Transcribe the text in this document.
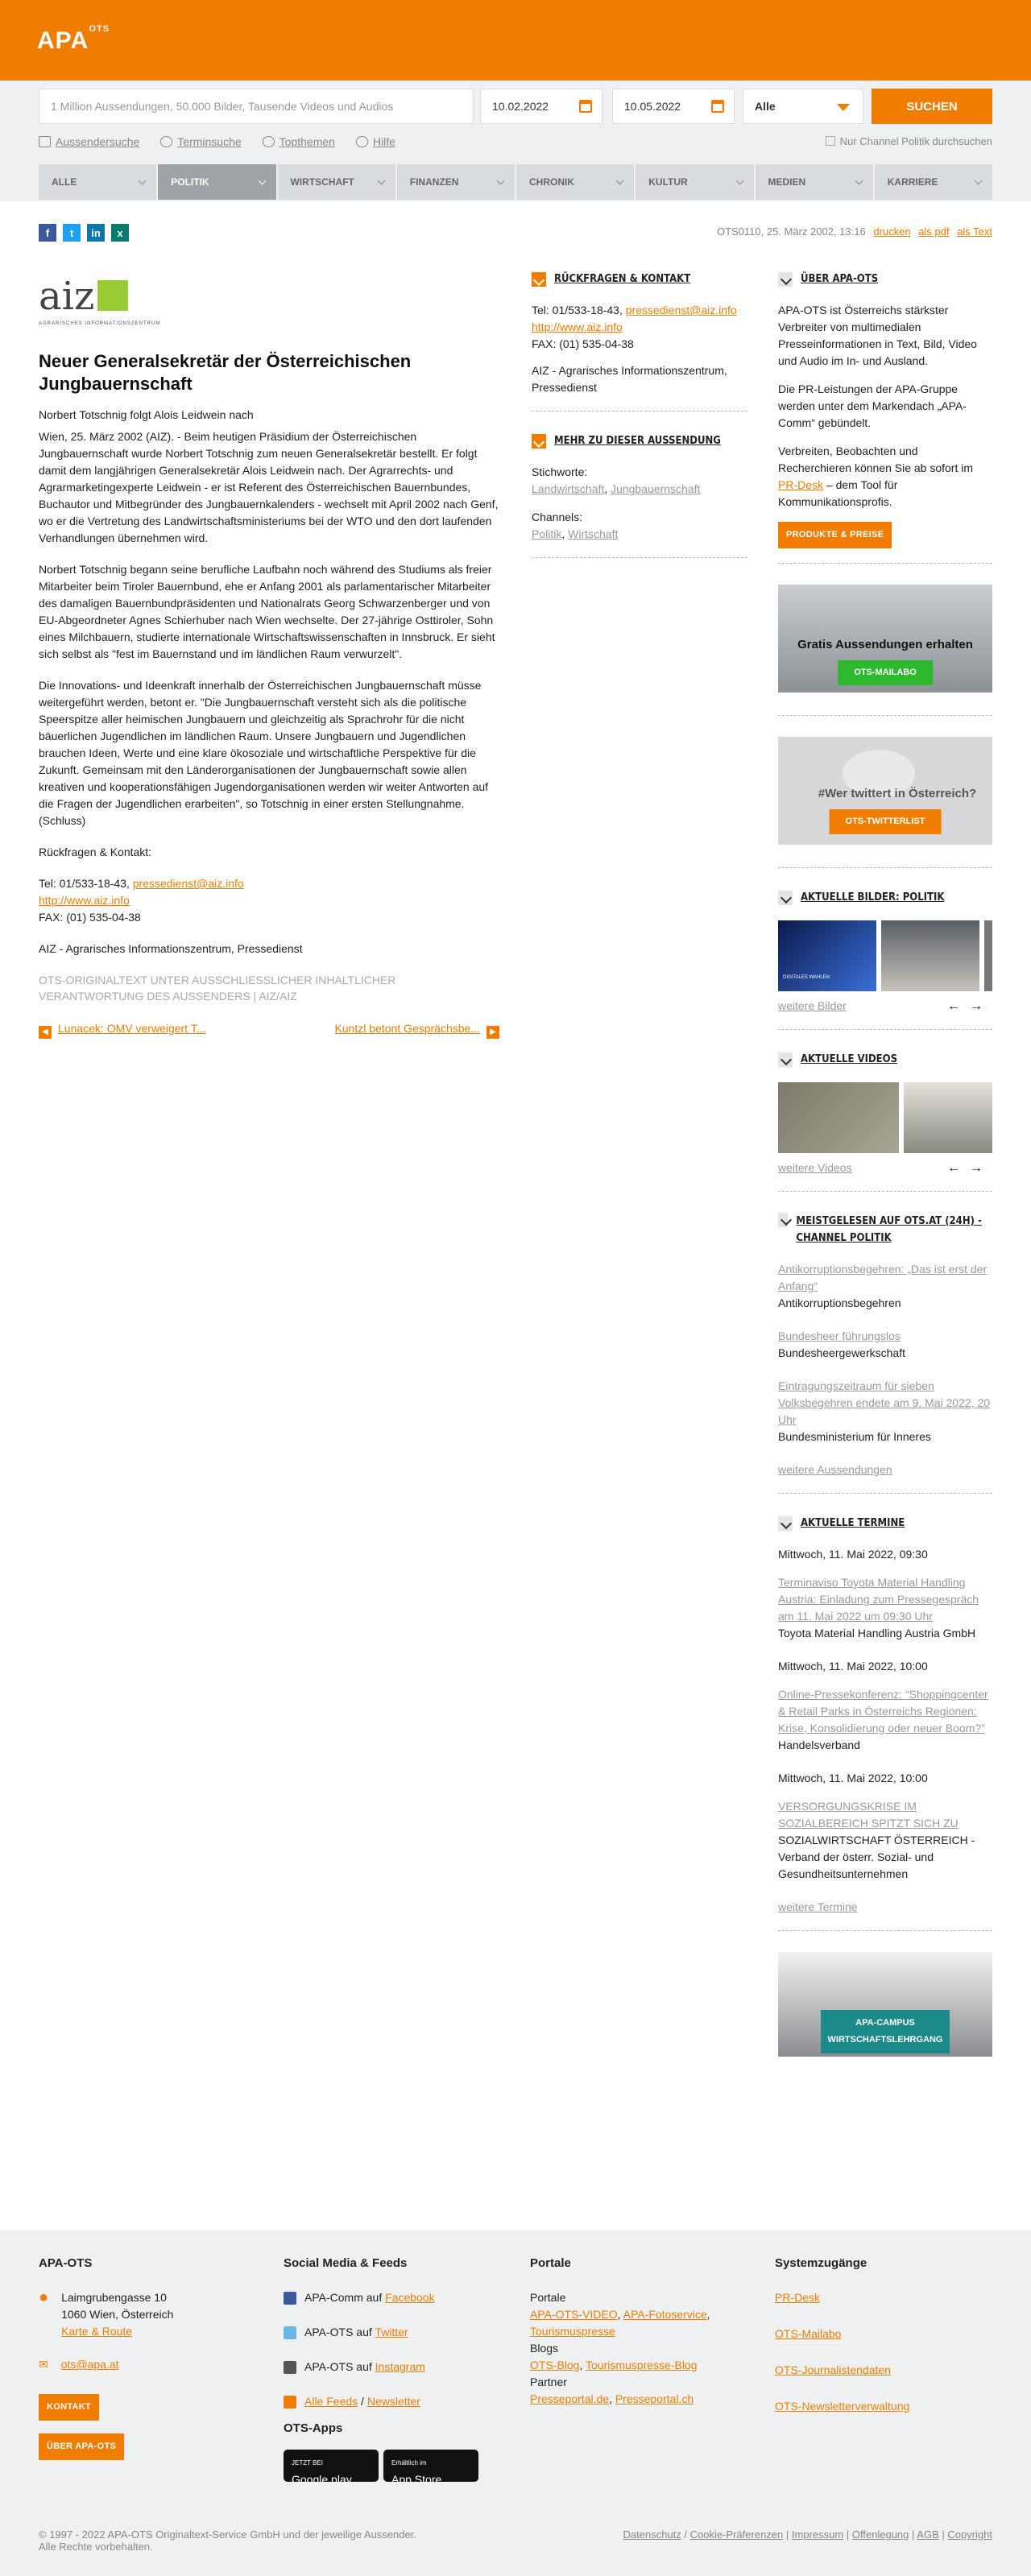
APA OTS
1 Million Aussendungen, 50.000 Bilder, Tausende Videos und Audios	10.02.2022	10.05.2022	Alle	SUCHEN
Aussendersuche	Terminsuche	Topthemen	Hilfe	Nur Channel Politik durchsuchen
ALLE	POLITIK	WIRTSCHAFT	FINANZEN	CHRONIK	KULTUR	MEDIEN	KARRIERE
f	t	in	x	OTS0110, 25. März 2002, 13:16 drucken als pdf als Text
aiz
AGRARISCHES INFORMATIONSZENTRUM
Neuer Generalsekretär der Österreichischen Jungbauernschaft

Norbert Totschnig folgt Alois Leidwein nach

Wien, 25. März 2002 (AIZ). - Beim heutigen Präsidium der Österreichischen Jungbauernschaft wurde Norbert Totschnig zum neuen Generalsekretär bestellt. Er folgt damit dem langjährigen Generalsekretär Alois Leidwein nach. Der Agrarrechts- und Agrarmarketingexperte Leidwein - er ist Referent des Österreichischen Bauernbundes, Buchautor und Mitbegründer des Jungbauernkalenders - wechselt mit April 2002 nach Genf, wo er die Vertretung des Landwirtschaftsministeriums bei der WTO und den dort laufenden Verhandlungen übernehmen wird.

Norbert Totschnig begann seine berufliche Laufbahn noch während des Studiums als freier Mitarbeiter beim Tiroler Bauernbund, ehe er Anfang 2001 als parlamentarischer Mitarbeiter des damaligen Bauernbundpräsidenten und Nationalrats Georg Schwarzenberger und von EU-Abgeordneter Agnes Schierhuber nach Wien wechselte. Der 27-jährige Osttiroler, Sohn eines Milchbauern, studierte internationale Wirtschaftswissenschaften in Innsbruck. Er sieht sich selbst als "fest im Bauernstand und im ländlichen Raum verwurzelt".

Die Innovations- und Ideenkraft innerhalb der Österreichischen Jungbauernschaft müsse weitergeführt werden, betont er. "Die Jungbauernschaft versteht sich als die politische Speerspitze aller heimischen Jungbauern und gleichzeitig als Sprachrohr für die nicht bäuerlichen Jugendlichen im ländlichen Raum. Unsere Jungbauern und Jugendlichen brauchen Ideen, Werte und eine klare ökosoziale und wirtschaftliche Perspektive für die Zukunft. Gemeinsam mit den Länderorganisationen der Jungbauernschaft sowie allen kreativen und kooperationsfähigen Jugendorganisationen werden wir weiter Antworten auf die Fragen der Jugendlichen erarbeiten", so Totschnig in einer ersten Stellungnahme.

(Schluss)

Rückfragen & Kontakt:

Tel: 01/533-18-43, pressedienst@aiz.info
http://www.aiz.info
FAX: (01) 535-04-38

AIZ - Agrarisches Informationszentrum, Pressedienst

OTS-ORIGINALTEXT UNTER AUSSCHLIESSLICHER INHALTLICHER VERANTWORTUNG DES AUSSENDERS | AIZ/AIZ
◀ Lunacek: OMV verweigert T...	Kuntzl betont Gesprächsbe... ▶
RÜCKFRAGEN & KONTAKT
Tel: 01/533-18-43, pressedienst@aiz.info
http://www.aiz.info
FAX: (01) 535-04-38
AIZ - Agrarisches Informationszentrum, Pressedienst
MEHR ZU DIESER AUSSENDUNG
Stichworte:
Landwirtschaft, Jungbauernschaft
Channels:
Politik, Wirtschaft
ÜBER APA-OTS

APA-OTS ist Österreichs stärkster Verbreiter von multimedialen Presseinformationen in Text, Bild, Video und Audio im In- und Ausland.

Die PR-Leistungen der APA-Gruppe werden unter dem Markendach „APA-Comm“ gebündelt.

Verbreiten, Beobachten und Recherchieren können Sie ab sofort im PR-Desk – dem Tool für Kommunikationsprofis.

PRODUKTE & PREISE
Gratis Aussendungen erhalten
OTS-MAILABO
#Wer twittert in Österreich?
OTS-TWITTERLIST
AKTUELLE BILDER: POLITIK
DIGITALES WAHLEN
weitere Bilder	←→
AKTUELLE VIDEOS
weitere Videos	←→
MEISTGELESEN AUF OTS.AT (24H) - CHANNEL POLITIK
Antikorruptionsbegehren: „Das ist erst der Anfang“
Antikorruptionsbegehren
Bundesheer führungslos
Bundesheergewerkschaft
Eintragungszeitraum für sieben Volksbegehren endete am 9. Mai 2022, 20 Uhr
Bundesministerium für Inneres
weitere Aussendungen
AKTUELLE TERMINE
Mittwoch, 11. Mai 2022, 09:30
Terminaviso Toyota Material Handling Austria: Einladung zum Pressegespräch am 11. Mai 2022 um 09:30 Uhr
Toyota Material Handling Austria GmbH
Mittwoch, 11. Mai 2022, 10:00
Online-Pressekonferenz: “Shoppingcenter & Retail Parks in Österreichs Regionen: Krise, Konsolidierung oder neuer Boom?”
Handelsverband
Mittwoch, 11. Mai 2022, 10:00
VERSORGUNGSKRISE IM SOZIALBEREICH SPITZT SICH ZU
SOZIALWIRTSCHAFT ÖSTERREICH - Verband der österr. Sozial- und Gesundheitsunternehmen
weitere Termine
APA-CAMPUS WIRTSCHAFTSLEHRGANG
APA-OTS
● Laimgrubengasse 10
1060 Wien, Österreich
Karte & Route
✉ ots@apa.at
KONTAKT
ÜBER APA-OTS
Social Media & Feeds
APA-Comm auf Facebook
APA-OTS auf Twitter
APA-OTS auf Instagram
Alle Feeds / Newsletter
OTS-Apps
JETZT BEI
Google play
Erhältlich im
App Store
Portale
Portale
APA-OTS-VIDEO, APA-Fotoservice,
Tourismuspresse
Blogs
OTS-Blog, Tourismuspresse-Blog
Partner
Presseportal.de, Presseportal.ch
Systemzugänge
PR-Desk
OTS-Mailabo
OTS-Journalistendaten
OTS-Newsletterverwaltung
© 1997 - 2022 APA-OTS Originaltext-Service GmbH und der jeweilige Aussender.
Alle Rechte vorbehalten.
Datenschutz / Cookie-Präferenzen | Impressum | Offenlegung | AGB | Copyright
